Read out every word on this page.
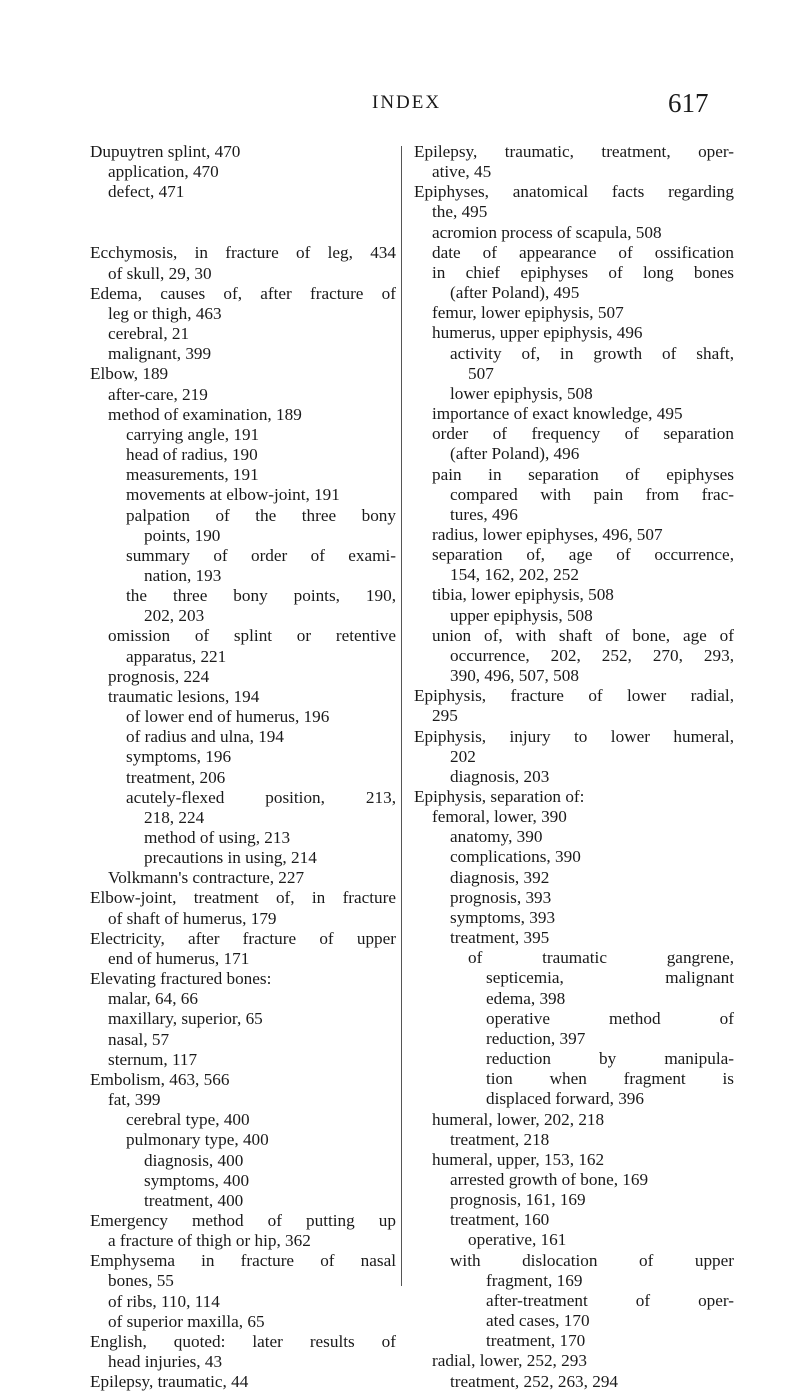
INDEX	617
Dupuytren splint, 470
application, 470
defect, 471
Ecchymosis, in fracture of leg, 434
of skull, 29, 30
Edema, causes of, after fracture of
leg or thigh, 463
cerebral, 21
malignant, 399
Elbow, 189
after-care, 219
method of examination, 189
carrying angle, 191
head of radius, 190
measurements, 191
movements at elbow-joint, 191
palpation of the three bony
points, 190
summary of order of exami-
nation, 193
the three bony points, 190,
202, 203
omission of splint or retentive
apparatus, 221
prognosis, 224
traumatic lesions, 194
of lower end of humerus, 196
of radius and ulna, 194
symptoms, 196
treatment, 206
acutely-flexed position, 213,
218, 224
method of using, 213
precautions in using, 214
Volkmann's contracture, 227
Elbow-joint, treatment of, in fracture
of shaft of humerus, 179
Electricity, after fracture of upper
end of humerus, 171
Elevating fractured bones:
malar, 64, 66
maxillary, superior, 65
nasal, 57
sternum, 117
Embolism, 463, 566
fat, 399
cerebral type, 400
pulmonary type, 400
diagnosis, 400
symptoms, 400
treatment, 400
Emergency method of putting up
a fracture of thigh or hip, 362
Emphysema in fracture of nasal
bones, 55
of ribs, 110, 114
of superior maxilla, 65
English, quoted: later results of
head injuries, 43
Epilepsy, traumatic, 44
Epilepsy, traumatic, treatment, oper-
ative, 45
Epiphyses, anatomical facts regarding
the, 495
acromion process of scapula, 508
date of appearance of ossification
in chief epiphyses of long bones
(after Poland), 495
femur, lower epiphysis, 507
humerus, upper epiphysis, 496
activity of, in growth of shaft,
507
lower epiphysis, 508
importance of exact knowledge, 495
order of frequency of separation
(after Poland), 496
pain in separation of epiphyses
compared with pain from frac-
tures, 496
radius, lower epiphyses, 496, 507
separation of, age of occurrence,
154, 162, 202, 252
tibia, lower epiphysis, 508
upper epiphysis, 508
union of, with shaft of bone, age of
occurrence, 202, 252, 270, 293,
390, 496, 507, 508
Epiphysis, fracture of lower radial,
295
Epiphysis, injury to lower humeral,
202
diagnosis, 203
Epiphysis, separation of:
femoral, lower, 390
anatomy, 390
complications, 390
diagnosis, 392
prognosis, 393
symptoms, 393
treatment, 395
of traumatic gangrene,
septicemia, malignant
edema, 398
operative method of
reduction, 397
reduction by manipula-
tion when fragment is
displaced forward, 396
humeral, lower, 202, 218
treatment, 218
humeral, upper, 153, 162
arrested growth of bone, 169
prognosis, 161, 169
treatment, 160
operative, 161
with dislocation of upper
fragment, 169
after-treatment of oper-
ated cases, 170
treatment, 170
radial, lower, 252, 293
treatment, 252, 263, 294
